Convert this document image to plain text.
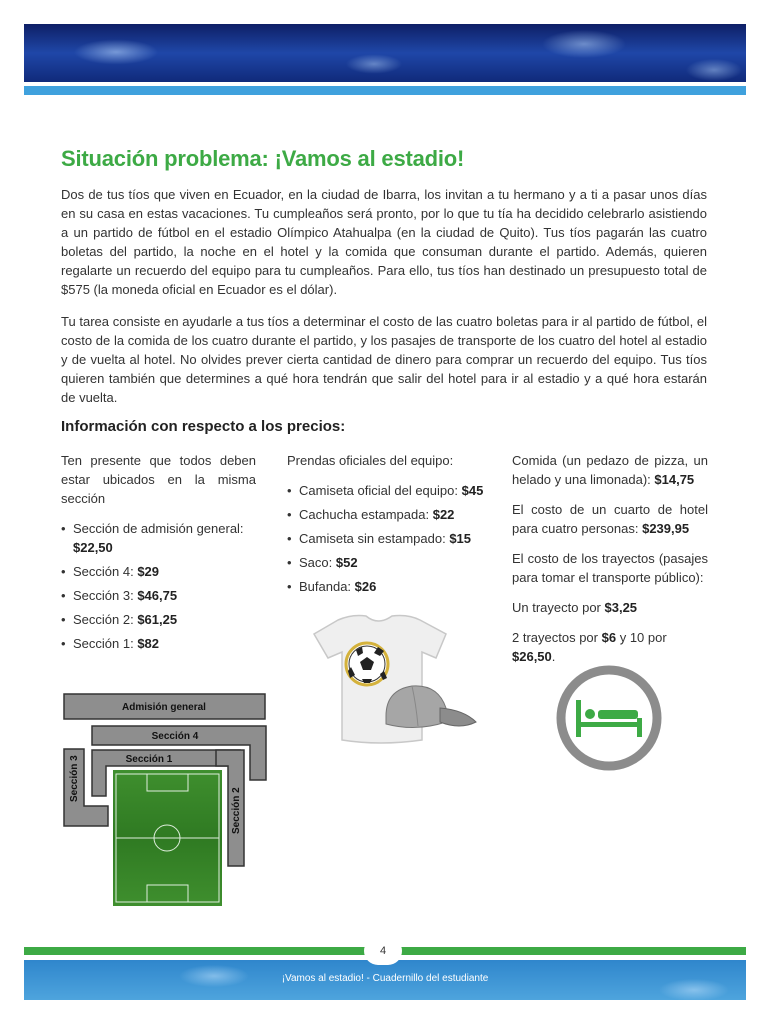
Situación problema: ¡Vamos al estadio!

Dos de tus tíos que viven en Ecuador, en la ciudad de Ibarra, los invitan a tu hermano y a ti a pasar unos días en su casa en estas vacaciones. Tu cumpleaños será pronto, por lo que tu tía ha decidido celebrarlo asistiendo a un partido de fútbol en el estadio Olímpico Atahualpa (en la ciudad de Quito). Tus tíos pagarán las cuatro boletas del partido, la noche en el hotel y la comida que consuman durante el partido. Además, quieren regalarte un recuerdo del equipo para tu cumpleaños. Para ello, tus tíos han destinado un presupuesto total de $575 (la moneda oficial en Ecuador es el dólar).

Tu tarea consiste en ayudarle a tus tíos a determinar el costo de las cuatro boletas para ir al partido de fútbol, el costo de la comida de los cuatro durante el partido, y los pasajes de transporte de los cuatro del hotel al estadio y de vuelta al hotel. No olvides prever cierta cantidad de dinero para comprar un recuerdo del equipo. Tus tíos quieren también que determines a qué hora tendrán que salir del hotel para ir al estadio y a qué hora estarán de vuelta.

Información con respecto a los precios:

Ten presente que todos deben estar ubicados en la misma sección

• Sección de admisión general:
$22,50
• Sección 4: $29
• Sección 3: $46,75
• Sección 2: $61,25
• Sección 1: $82

Prendas oficiales del equipo:

• Camiseta oficial del equipo: $45
• Cachucha estampada: $22
• Camiseta sin estampado: $15
• Saco: $52
• Bufanda: $26

Comida (un pedazo de pizza, un helado y una limonada): $14,75

El costo de un cuarto de hotel para cuatro personas: $239,95

El costo de los trayectos (pasajes para tomar el transporte público):

Un trayecto por $3,25

2 trayectos por $6 y 10 por $26,50.

Admisión general
Sección 4
Sección 3	Sección 1
Sección 2
¡Vamos al estadio! - Cuadernillo del estudiante
4
